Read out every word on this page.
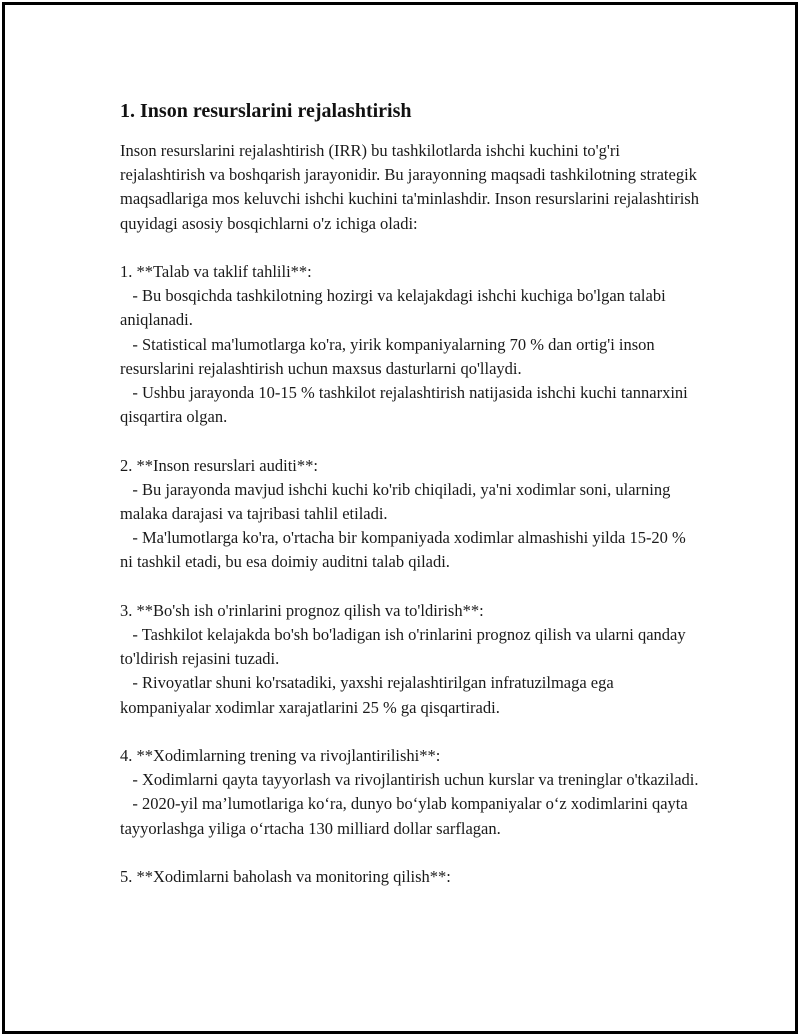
1. Inson resurslarini rejalashtirish

Inson resurslarini rejalashtirish (IRR) bu tashkilotlarda ishchi kuchini to'g'ri rejalashtirish va boshqarish jarayonidir. Bu jarayonning maqsadi tashkilotning strategik maqsadlariga mos keluvchi ishchi kuchini ta'minlashdir. Inson resurslarini rejalashtirish quyidagi asosiy bosqichlarni o'z ichiga oladi:

1. **Talab va taklif tahlili**:

- Bu bosqichda tashkilotning hozirgi va kelajakdagi ishchi kuchiga bo'lgan talabi aniqlanadi.

- Statistical ma'lumotlarga ko'ra, yirik kompaniyalarning 70 % dan ortig'i inson resurslarini rejalashtirish uchun maxsus dasturlarni qo'llaydi.

- Ushbu jarayonda 10-15 % tashkilot rejalashtirish natijasida ishchi kuchi tannarxini qisqartira olgan.

2. **Inson resurslari auditi**:

- Bu jarayonda mavjud ishchi kuchi ko'rib chiqiladi, ya'ni xodimlar soni, ularning malaka darajasi va tajribasi tahlil etiladi.

- Ma'lumotlarga ko'ra, o'rtacha bir kompaniyada xodimlar almashishi yilda 15-20 % ni tashkil etadi, bu esa doimiy auditni talab qiladi.

3. **Bo'sh ish o'rinlarini prognoz qilish va to'ldirish**:

- Tashkilot kelajakda bo'sh bo'ladigan ish o'rinlarini prognoz qilish va ularni qanday to'ldirish rejasini tuzadi.

- Rivoyatlar shuni ko'rsatadiki, yaxshi rejalashtirilgan infratuzilmaga ega kompaniyalar xodimlar xarajatlarini 25 % ga qisqartiradi.

4. **Xodimlarning trening va rivojlantirilishi**:

- Xodimlarni qayta tayyorlash va rivojlantirish uchun kurslar va treninglar o'tkaziladi.

- 2020-yil ma’lumotlariga ko‘ra, dunyo bo‘ylab kompaniyalar o‘z xodimlarini qayta tayyorlashga yiliga o‘rtacha 130 milliard dollar sarflagan.

5. **Xodimlarni baholash va monitoring qilish**:
